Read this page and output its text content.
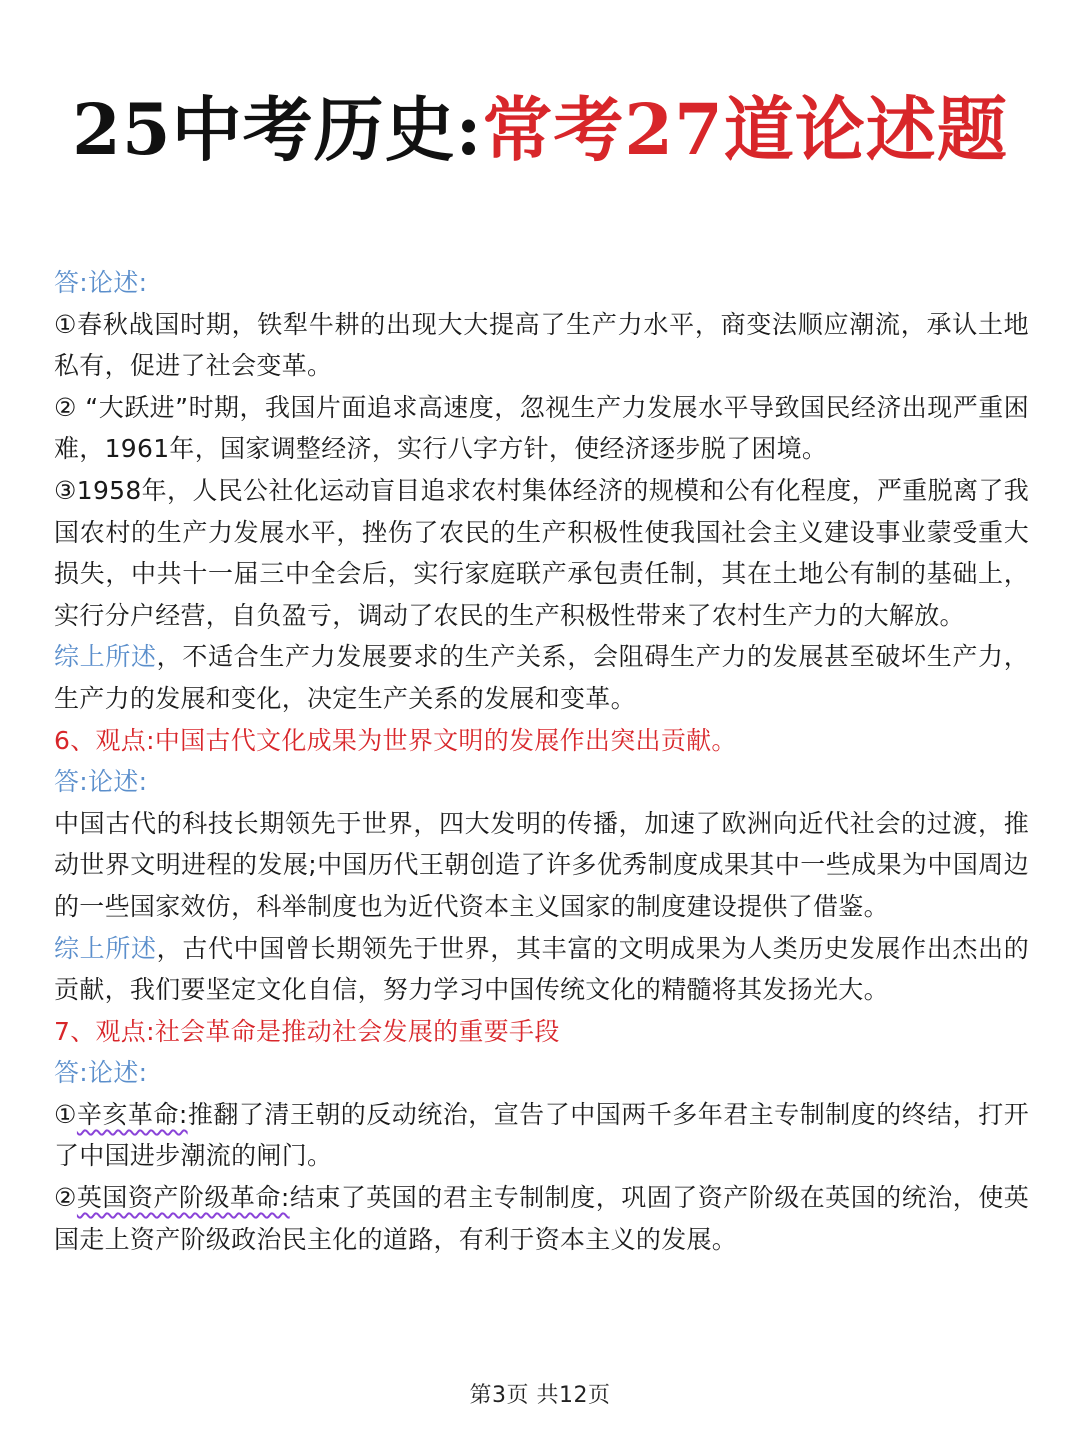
25中考历史:常考27道论述题

答:论述:

①春秋战国时期，铁犁牛耕的出现大大提高了生产力水平，商变法顺应潮流，承认土地私有，促进了社会变革。

② “大跃进”时期，我国片面追求高速度，忽视生产力发展水平导致国民经济出现严重困难，1961年，国家调整经济，实行八字方针，使经济逐步脱了困境。

③1958年，人民公社化运动盲目追求农村集体经济的规模和公有化程度，严重脱离了我国农村的生产力发展水平，挫伤了农民的生产积极性使我国社会主义建设事业蒙受重大损失，中共十一届三中全会后，实行家庭联产承包责任制，其在土地公有制的基础上，实行分户经营，自负盈亏，调动了农民的生产积极性带来了农村生产力的大解放。

综上所述，不适合生产力发展要求的生产关系，会阻碍生产力的发展甚至破坏生产力，生产力的发展和变化，决定生产关系的发展和变革。

6、观点:中国古代文化成果为世界文明的发展作出突出贡献。

答:论述:

中国古代的科技长期领先于世界，四大发明的传播，加速了欧洲向近代社会的过渡，推动世界文明进程的发展;中国历代王朝创造了许多优秀制度成果其中一些成果为中国周边的一些国家效仿，科举制度也为近代资本主义国家的制度建设提供了借鉴。

综上所述，古代中国曾长期领先于世界，其丰富的文明成果为人类历史发展作出杰出的贡献，我们要坚定文化自信，努力学习中国传统文化的精髓将其发扬光大。

7、观点:社会革命是推动社会发展的重要手段

答:论述:

①辛亥革命:推翻了清王朝的反动统治，宣告了中国两千多年君主专制制度的终结，打开了中国进步潮流的闸门。

②英国资产阶级革命:结束了英国的君主专制制度，巩固了资产阶级在英国的统治，使英国走上资产阶级政治民主化的道路，有利于资本主义的发展。

第3页 共12页
